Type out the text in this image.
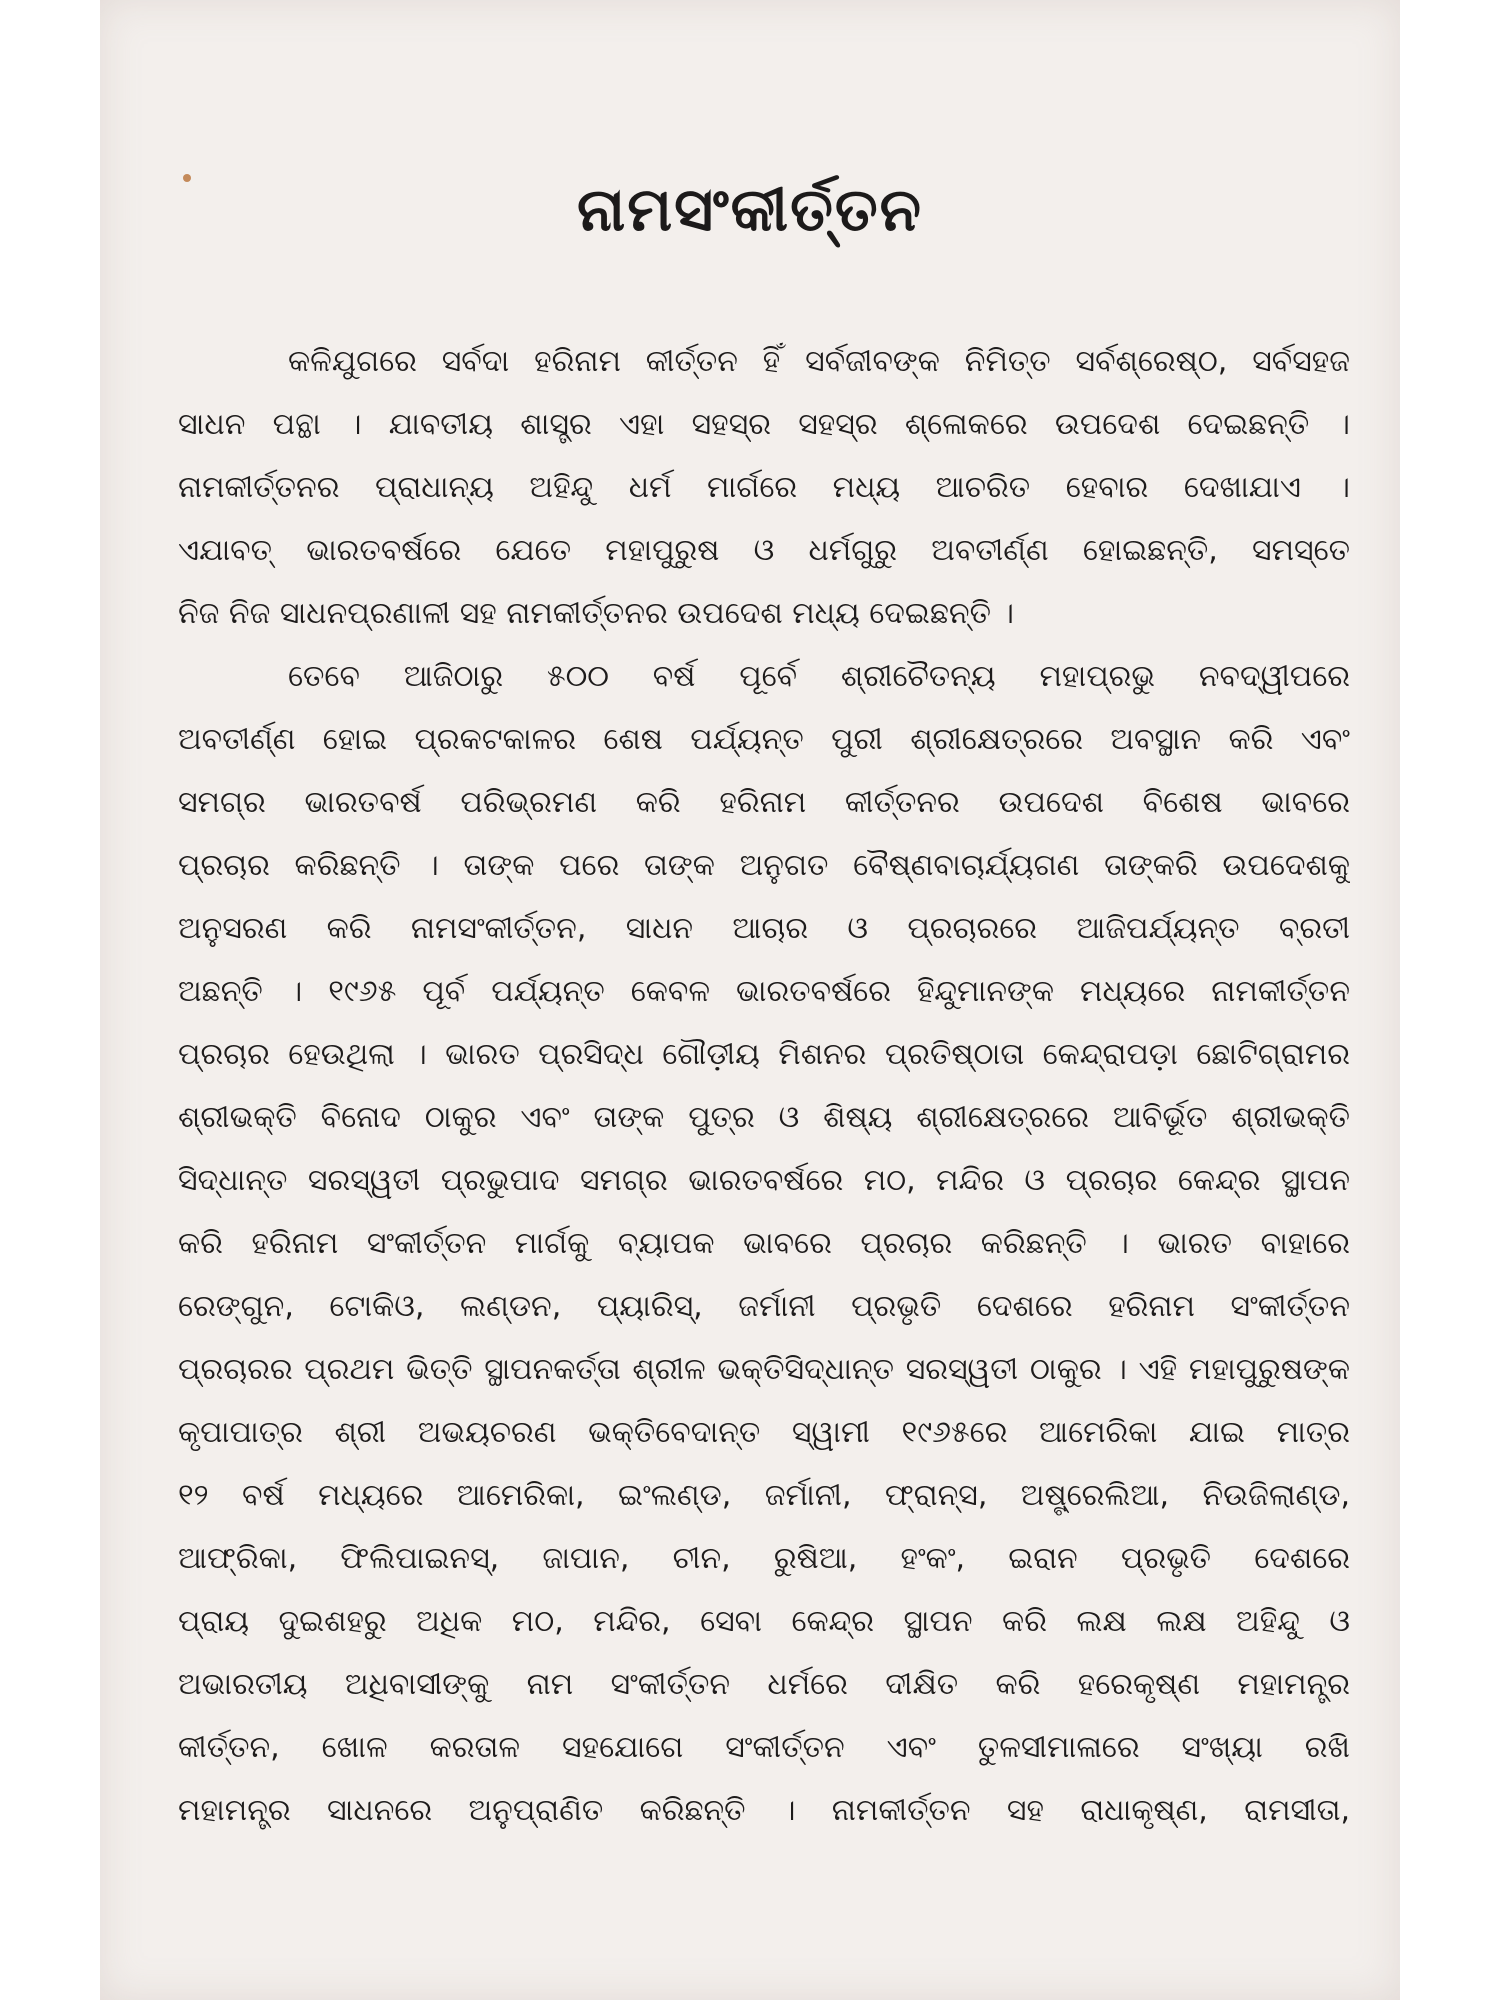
ନାମସଂକୀର୍ତ୍ତନ
କଳିଯୁଗରେ ସର୍ବଦା ହରିନାମ କୀର୍ତ୍ତନ ହିଁ ସର୍ବଜୀବଙ୍କ ନିମିତ୍ତ ସର୍ବଶ୍ରେଷ୍ଠ, ସର୍ବସହଜ
ସାଧନ ପନ୍ଥା । ଯାବତୀୟ ଶାସ୍ତ୍ର ଏହା ସହସ୍ର ସହସ୍ର ଶ୍ଳୋକରେ ଉପଦେଶ ଦେଇଛନ୍ତି ।
ନାମକୀର୍ତ୍ତନର ପ୍ରାଧାନ୍ୟ ଅହିନ୍ଦୁ ଧର୍ମ ମାର୍ଗରେ ମଧ୍ୟ ଆଚରିତ ହେବାର ଦେଖାଯାଏ ।
ଏଯାବତ୍ ଭାରତବର୍ଷରେ ଯେତେ ମହାପୁରୁଷ ଓ ଧର୍ମଗୁରୁ ଅବତୀର୍ଣ୍ଣ ହୋଇଛନ୍ତି, ସମସ୍ତେ
ନିଜ ନିଜ ସାଧନପ୍ରଣାଳୀ ସହ ନାମକୀର୍ତ୍ତନର ଉପଦେଶ ମଧ୍ୟ ଦେଇଛନ୍ତି ।
ତେବେ ଆଜିଠାରୁ ୫୦୦ ବର୍ଷ ପୂର୍ବେ ଶ୍ରୀଚୈତନ୍ୟ ମହାପ୍ରଭୁ ନବଦ୍ୱୀପରେ
ଅବତୀର୍ଣ୍ଣ ହୋଇ ପ୍ରକଟକାଳର ଶେଷ ପର୍ଯ୍ୟନ୍ତ ପୁରୀ ଶ୍ରୀକ୍ଷେତ୍ରରେ ଅବସ୍ଥାନ କରି ଏବଂ
ସମଗ୍ର ଭାରତବର୍ଷ ପରିଭ୍ରମଣ କରି ହରିନାମ କୀର୍ତ୍ତନର ଉପଦେଶ ବିଶେଷ ଭାବରେ
ପ୍ରଚାର କରିଛନ୍ତି । ତାଙ୍କ ପରେ ତାଙ୍କ ଅନୁଗତ ବୈଷ୍ଣବାଚାର୍ଯ୍ୟଗଣ ତାଙ୍କରି ଉପଦେଶକୁ
ଅନୁସରଣ କରି ନାମସଂକୀର୍ତ୍ତନ, ସାଧନ ଆଚାର ଓ ପ୍ରଚାରରେ ଆଜିପର୍ଯ୍ୟନ୍ତ ବ୍ରତୀ
ଅଛନ୍ତି । ୧୯୬୫ ପୂର୍ବ ପର୍ଯ୍ୟନ୍ତ କେବଳ ଭାରତବର୍ଷରେ ହିନ୍ଦୁମାନଙ୍କ ମଧ୍ୟରେ ନାମକୀର୍ତ୍ତନ
ପ୍ରଚାର ହେଉଥିଲା । ଭାରତ ପ୍ରସିଦ୍ଧ ଗୌଡ଼ୀୟ ମିଶନର ପ୍ରତିଷ୍ଠାତା କେନ୍ଦ୍ରାପଡ଼ା ଛୋଟିଗ୍ରାମର
ଶ୍ରୀଭକ୍ତି ବିନୋଦ ଠାକୁର ଏବଂ ତାଙ୍କ ପୁତ୍ର ଓ ଶିଷ୍ୟ ଶ୍ରୀକ୍ଷେତ୍ରରେ ଆବିର୍ଭୂତ ଶ୍ରୀଭକ୍ତି
ସିଦ୍ଧାନ୍ତ ସରସ୍ୱତୀ ପ୍ରଭୁପାଦ ସମଗ୍ର ଭାରତବର୍ଷରେ ମଠ, ମନ୍ଦିର ଓ ପ୍ରଚାର କେନ୍ଦ୍ର ସ୍ଥାପନ
କରି ହରିନାମ ସଂକୀର୍ତ୍ତନ ମାର୍ଗକୁ ବ୍ୟାପକ ଭାବରେ ପ୍ରଚାର କରିଛନ୍ତି । ଭାରତ ବାହାରେ
ରେଙ୍ଗୁନ, ଟୋକିଓ, ଲଣ୍ଡନ, ପ୍ୟାରିସ୍, ଜର୍ମାନୀ ପ୍ରଭୃତି ଦେଶରେ ହରିନାମ ସଂକୀର୍ତ୍ତନ
ପ୍ରଚାରର ପ୍ରଥମ ଭିତ୍ତି ସ୍ଥାପନକର୍ତ୍ତା ଶ୍ରୀଳ ଭକ୍ତିସିଦ୍ଧାନ୍ତ ସରସ୍ୱତୀ ଠାକୁର । ଏହି ମହାପୁରୁଷଙ୍କ
କୃପାପାତ୍ର ଶ୍ରୀ ଅଭୟଚରଣ ଭକ୍ତିବେଦାନ୍ତ ସ୍ୱାମୀ ୧୯୬୫ରେ ଆମେରିକା ଯାଇ ମାତ୍ର
୧୨ ବର୍ଷ ମଧ୍ୟରେ ଆମେରିକା, ଇଂଲଣ୍ଡ, ଜର୍ମାନୀ, ଫ୍ରାନ୍ସ, ଅଷ୍ଟ୍ରେଲିଆ, ନିଉଜିଲାଣ୍ଡ,
ଆଫ୍ରିକା, ଫିଲିପାଇନସ୍, ଜାପାନ, ଚୀନ, ରୁଷିଆ, ହଂକଂ, ଇରାନ ପ୍ରଭୃତି ଦେଶରେ
ପ୍ରାୟ ଦୁଇଶହରୁ ଅଧିକ ମଠ, ମନ୍ଦିର, ସେବା କେନ୍ଦ୍ର ସ୍ଥାପନ କରି ଲକ୍ଷ ଲକ୍ଷ ଅହିନ୍ଦୁ ଓ
ଅଭାରତୀୟ ଅଧିବାସୀଙ୍କୁ ନାମ ସଂକୀର୍ତ୍ତନ ଧର୍ମରେ ଦୀକ୍ଷିତ କରି ହରେକୃଷ୍ଣ ମହାମନ୍ତ୍ର
କୀର୍ତ୍ତନ, ଖୋଳ କରତାଳ ସହଯୋଗେ ସଂକୀର୍ତ୍ତନ ଏବଂ ତୁଳସୀମାଳାରେ ସଂଖ୍ୟା ରଖି
ମହାମନ୍ତ୍ର ସାଧନରେ ଅନୁପ୍ରାଣିତ କରିଛନ୍ତି । ନାମକୀର୍ତ୍ତନ ସହ ରାଧାକୃଷ୍ଣ, ରାମସୀତା,
